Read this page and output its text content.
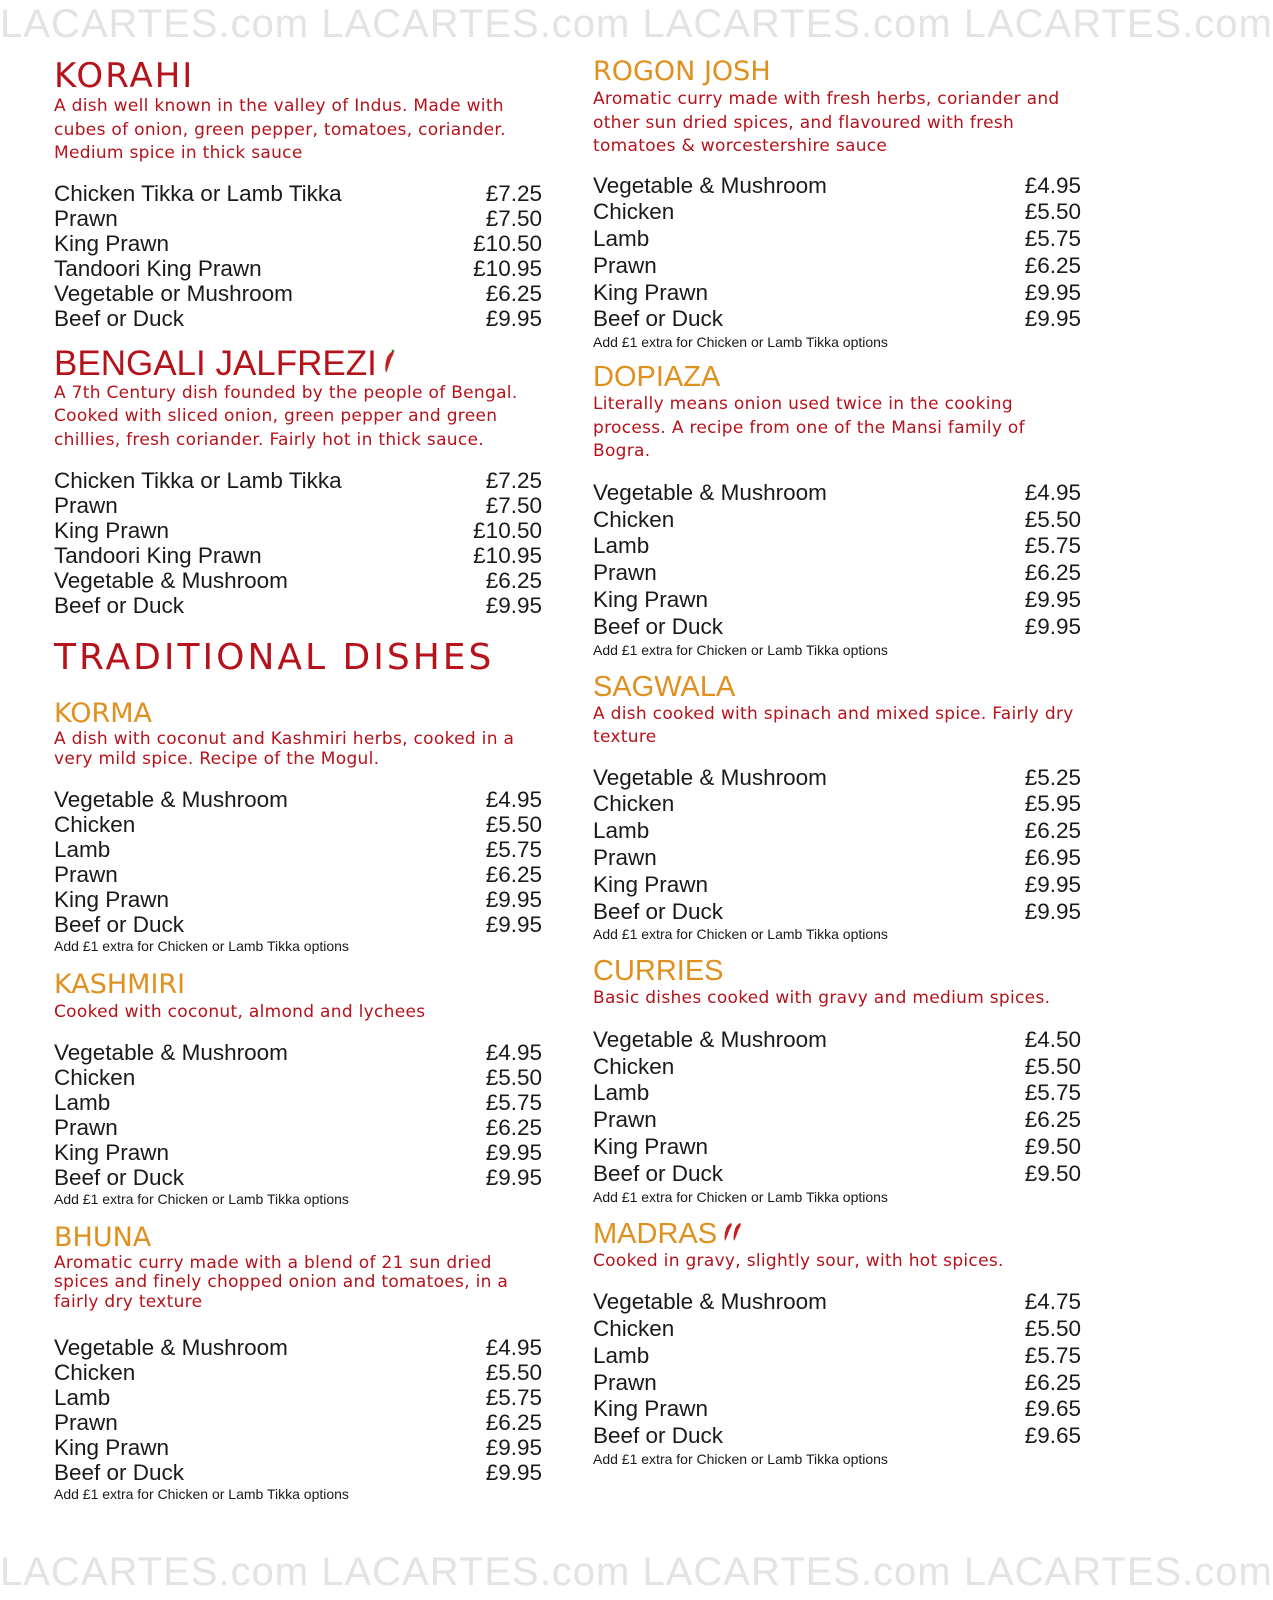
LACARTES.com LACARTES.com LACARTES.com LACARTES.com
KORAHI

A dish well known in the valley of Indus. Made with cubes of onion, green pepper, tomatoes, coriander. Medium spice in thick sauce

Chicken Tikka or Lamb Tikka	£7.25
Prawn	£7.50
King Prawn	£10.50
Tandoori King Prawn	£10.95
Vegetable or Mushroom	£6.25
Beef or Duck	£9.95
BENGALI JALFREZI

A 7th Century dish founded by the people of Bengal. Cooked with sliced onion, green pepper and green chillies, fresh coriander. Fairly hot in thick sauce.

Chicken Tikka or Lamb Tikka	£7.25
Prawn	£7.50
King Prawn	£10.50
Tandoori King Prawn	£10.95
Vegetable & Mushroom	£6.25
Beef or Duck	£9.95
TRADITIONAL DISHES
KORMA

A dish with coconut and Kashmiri herbs, cooked in a very mild spice. Recipe of the Mogul.

Vegetable & Mushroom	£4.95
Chicken	£5.50
Lamb	£5.75
Prawn	£6.25
King Prawn	£9.95
Beef or Duck	£9.95

Add £1 extra for Chicken or Lamb Tikka options

KASHMIRI

Cooked with coconut, almond and lychees

Vegetable & Mushroom	£4.95
Chicken	£5.50
Lamb	£5.75
Prawn	£6.25
King Prawn	£9.95
Beef or Duck	£9.95

Add £1 extra for Chicken or Lamb Tikka options

BHUNA

Aromatic curry made with a blend of 21 sun dried spices and finely chopped onion and tomatoes, in a fairly dry texture

Vegetable & Mushroom	£4.95
Chicken	£5.50
Lamb	£5.75
Prawn	£6.25
King Prawn	£9.95
Beef or Duck	£9.95

Add £1 extra for Chicken or Lamb Tikka options

ROGON JOSH

Aromatic curry made with fresh herbs, coriander and other sun dried spices, and flavoured with fresh tomatoes & worcestershire sauce

Vegetable & Mushroom	£4.95
Chicken	£5.50
Lamb	£5.75
Prawn	£6.25
King Prawn	£9.95
Beef or Duck	£9.95

Add £1 extra for Chicken or Lamb Tikka options

DOPIAZA

Literally means onion used twice in the cooking process. A recipe from one of the Mansi family of Bogra.

Vegetable & Mushroom	£4.95
Chicken	£5.50
Lamb	£5.75
Prawn	£6.25
King Prawn	£9.95
Beef or Duck	£9.95

Add £1 extra for Chicken or Lamb Tikka options

SAGWALA

A dish cooked with spinach and mixed spice. Fairly dry texture

Vegetable & Mushroom	£5.25
Chicken	£5.95
Lamb	£6.25
Prawn	£6.95
King Prawn	£9.95
Beef or Duck	£9.95

Add £1 extra for Chicken or Lamb Tikka options

CURRIES

Basic dishes cooked with gravy and medium spices.

Vegetable & Mushroom	£4.50
Chicken	£5.50
Lamb	£5.75
Prawn	£6.25
King Prawn	£9.50
Beef or Duck	£9.50

Add £1 extra for Chicken or Lamb Tikka options

MADRAS

Cooked in gravy, slightly sour, with hot spices.

Vegetable & Mushroom	£4.75
Chicken	£5.50
Lamb	£5.75
Prawn	£6.25
King Prawn	£9.65
Beef or Duck	£9.65

Add £1 extra for Chicken or Lamb Tikka options

LACARTES.com LACARTES.com LACARTES.com LACARTES.com
